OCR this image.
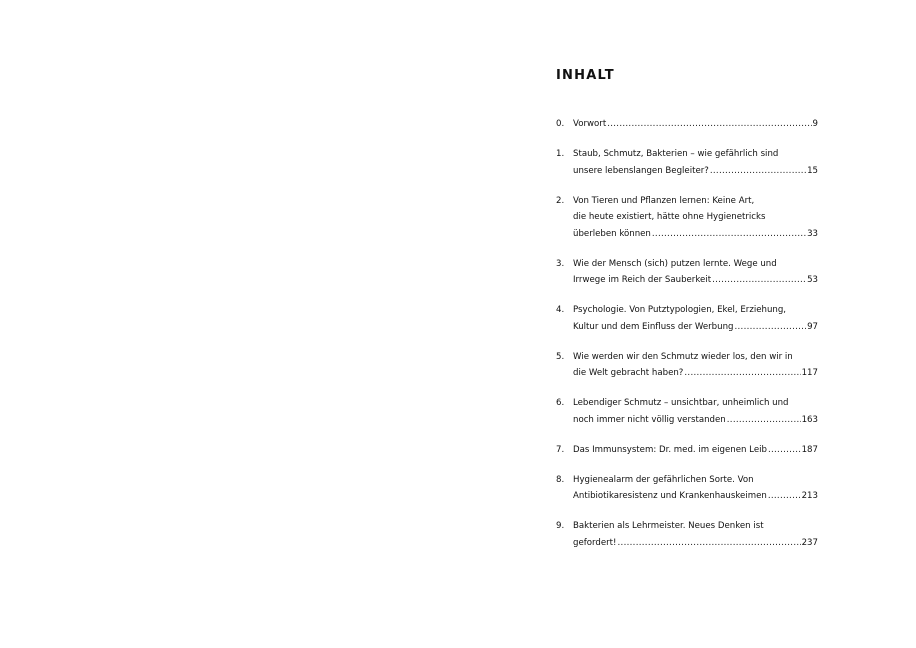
INHALT
0.	Vorwort .....	9
1.	Staub, Schmutz, Bakterien – wie gefährlich sind
unsere lebenslangen Begleiter? .....	15
2.	Von Tieren und Pflanzen lernen: Keine Art,
die heute existiert, hätte ohne Hygienetricks
überleben können .....	33
3.	Wie der Mensch (sich) putzen lernte. Wege und
Irrwege im Reich der Sauberkeit .....	53
4.	Psychologie. Von Putztypologien, Ekel, Erziehung,
Kultur und dem Einfluss der Werbung .....	97
5.	Wie werden wir den Schmutz wieder los, den wir in
die Welt gebracht haben? .....	117
6.	Lebendiger Schmutz – unsichtbar, unheimlich und
noch immer nicht völlig verstanden .....	163
7.	Das Immunsystem: Dr. med. im eigenen Leib .....	187
8.	Hygienealarm der gefährlichen Sorte. Von
Antibiotikaresistenz und Krankenhauskeimen .....	213
9.	Bakterien als Lehrmeister. Neues Denken ist
gefordert! .....	237
